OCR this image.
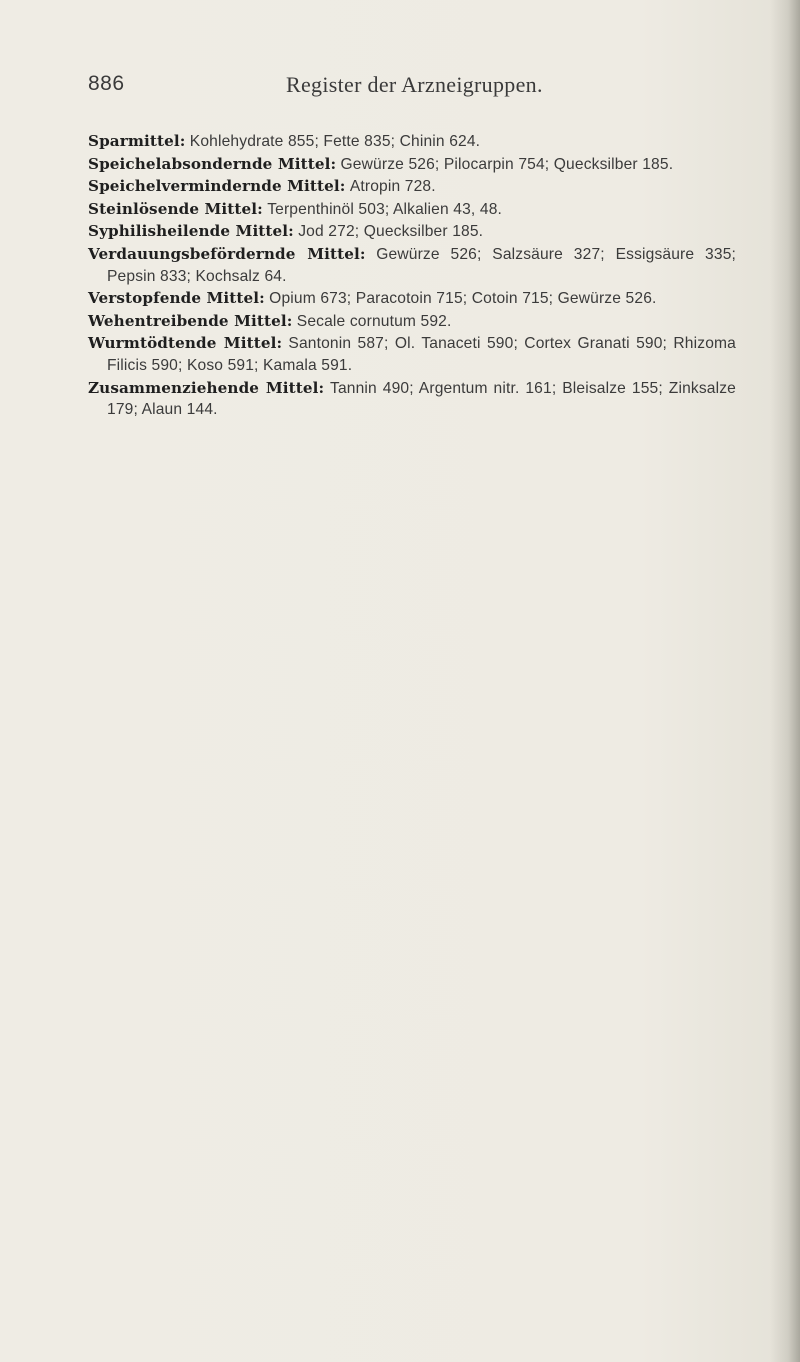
886	Register der Arzneigruppen.

Sparmittel: Kohlehydrate 855; Fette 835; Chinin 624.

Speichelabsondernde Mittel: Gewürze 526; Pilocarpin 754; Quecksilber 185.

Speichelvermindernde Mittel: Atropin 728.

Steinlösende Mittel: Terpenthinöl 503; Alkalien 43, 48.

Syphilisheilende Mittel: Jod 272; Quecksilber 185.

Verdauungsbefördernde Mittel: Gewürze 526; Salzsäure 327; Essigsäure 335; Pepsin 833; Kochsalz 64.

Verstopfende Mittel: Opium 673; Paracotoin 715; Cotoin 715; Gewürze 526.

Wehentreibende Mittel: Secale cornutum 592.

Wurmtödtende Mittel: Santonin 587; Ol. Tanaceti 590; Cortex Granati 590; Rhizoma Filicis 590; Koso 591; Kamala 591.

Zusammenziehende Mittel: Tannin 490; Argentum nitr. 161; Bleisalze 155; Zinksalze 179; Alaun 144.
